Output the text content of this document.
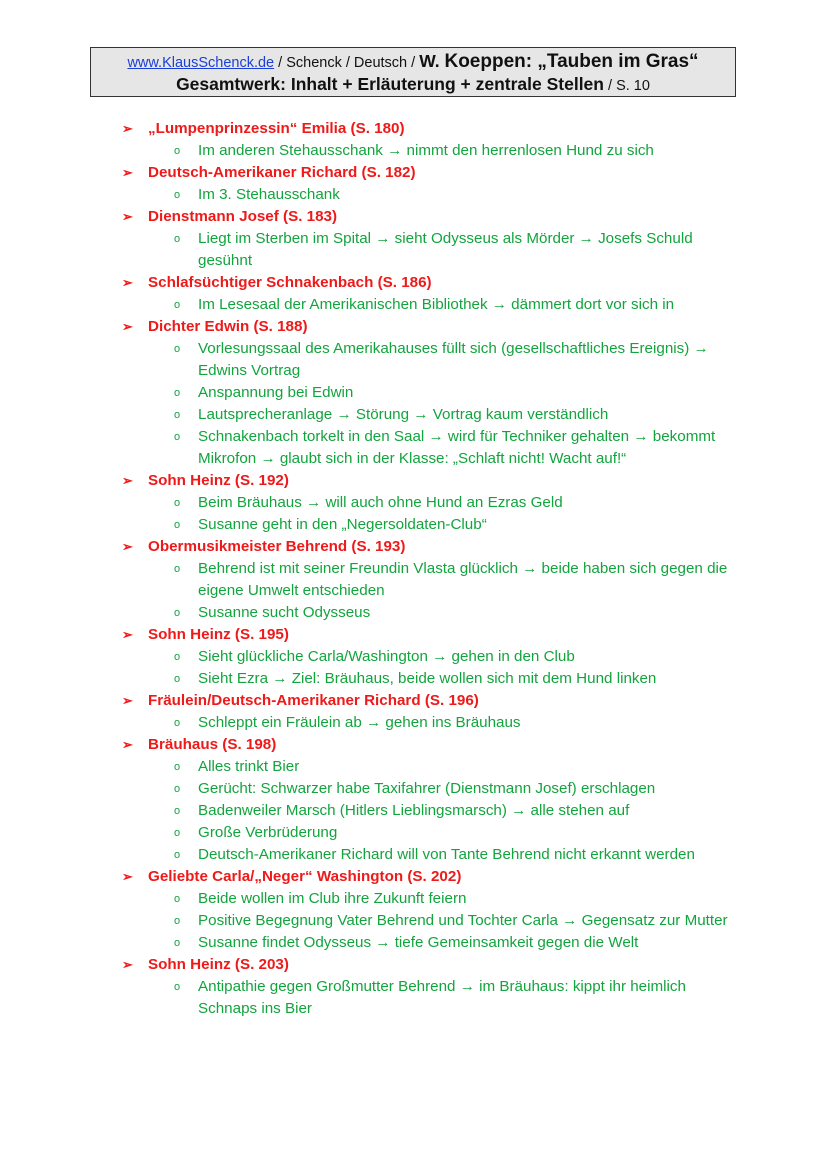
www.KlausSchenck.de / Schenck / Deutsch / W. Koeppen: „Tauben im Gras“
Gesamtwerk: Inhalt + Erläuterung + zentrale Stellen / S. 10
➢ „Lumpenprinzessin“ Emilia (S. 180)
o Im anderen Stehausschank → nimmt den herrenlosen Hund zu sich
➢ Deutsch-Amerikaner Richard (S. 182)
o Im 3. Stehausschank
➢ Dienstmann Josef (S. 183)
o Liegt im Sterben im Spital → sieht Odysseus als Mörder → Josefs Schuld gesühnt
➢ Schlafsüchtiger Schnakenbach (S. 186)
o Im Lesesaal der Amerikanischen Bibliothek → dämmert dort vor sich in
➢ Dichter Edwin (S. 188)
o Vorlesungssaal des Amerikahauses füllt sich (gesellschaftliches Ereignis) → Edwins Vortrag
o Anspannung bei Edwin
o Lautsprecheranlage → Störung → Vortrag kaum verständlich
o Schnakenbach torkelt in den Saal → wird für Techniker gehalten → bekommt Mikrofon → glaubt sich in der Klasse: „Schlaft nicht! Wacht auf!“
➢ Sohn Heinz (S. 192)
o Beim Bräuhaus → will auch ohne Hund an Ezras Geld
o Susanne geht in den „Negersoldaten-Club“
➢ Obermusikmeister Behrend (S. 193)
o Behrend ist mit seiner Freundin Vlasta glücklich → beide haben sich gegen die eigene Umwelt entschieden
o Susanne sucht Odysseus
➢ Sohn Heinz (S. 195)
o Sieht glückliche Carla/Washington → gehen in den Club
o Sieht Ezra → Ziel: Bräuhaus, beide wollen sich mit dem Hund linken
➢ Fräulein/Deutsch-Amerikaner Richard (S. 196)
o Schleppt ein Fräulein ab → gehen ins Bräuhaus
➢ Bräuhaus (S. 198)
o Alles trinkt Bier
o Gerücht: Schwarzer habe Taxifahrer (Dienstmann Josef) erschlagen
o Badenweiler Marsch (Hitlers Lieblingsmarsch) → alle stehen auf
o Große Verbrüderung
o Deutsch-Amerikaner Richard will von Tante Behrend nicht erkannt werden
➢ Geliebte Carla/„Neger“ Washington (S. 202)
o Beide wollen im Club ihre Zukunft feiern
o Positive Begegnung Vater Behrend und Tochter Carla → Gegensatz zur Mutter
o Susanne findet Odysseus → tiefe Gemeinsamkeit gegen die Welt
➢ Sohn Heinz (S. 203)
o Antipathie gegen Großmutter Behrend → im Bräuhaus: kippt ihr heimlich Schnaps ins Bier
